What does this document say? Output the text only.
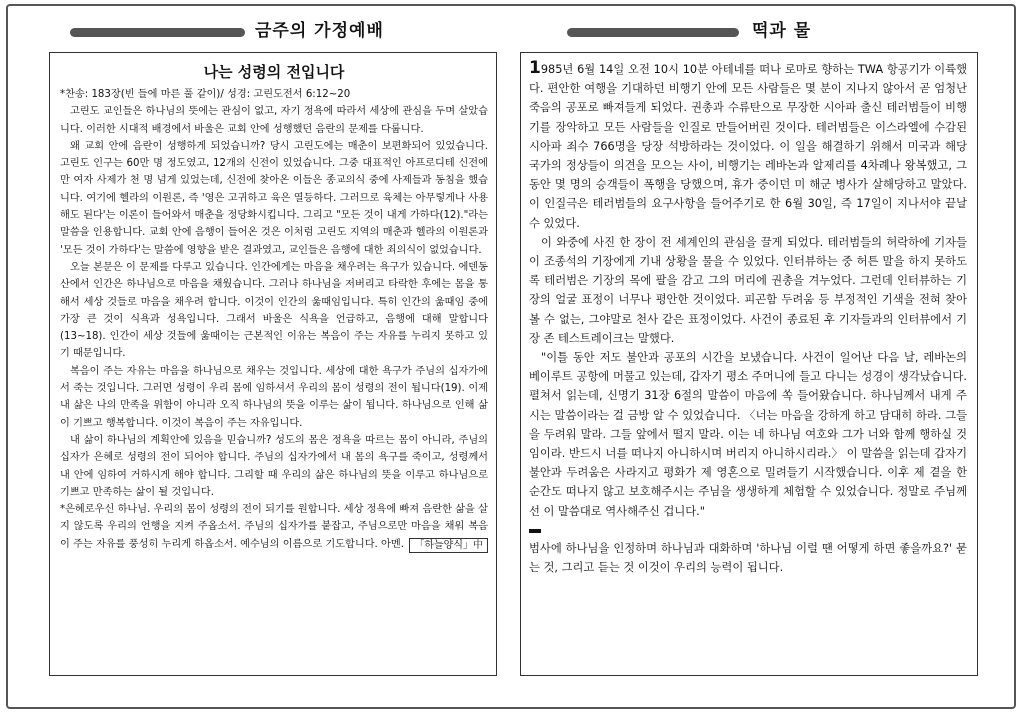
금주의 가정예배	떡과 물
나는 성령의 전입니다

*찬송: 183장(빈 들에 마른 풀 같이)/ 성경: 고린도전서 6:12~20

고린도 교인들은 하나님의 뜻에는 관심이 없고, 자기 정욕에 따라서 세상에 관심을 두며 살았습니다. 이러한 시대적 배경에서 바울은 교회 안에 성행했던 음란의 문제를 다룹니다.

왜 교회 안에 음란이 성행하게 되었습니까? 당시 고린도에는 매춘이 보편화되어 있었습니다. 고린도 인구는 60만 명 정도였고, 12개의 신전이 있었습니다. 그중 대표적인 아프로디테 신전에만 여자 사제가 천 명 넘게 있었는데, 신전에 찾아온 이들은 종교의식 중에 사제들과 동침을 했습니다. 여기에 헬라의 이원론, 즉 '영은 고귀하고 육은 열등하다. 그러므로 육체는 아무렇게나 사용해도 된다'는 이론이 들어와서 매춘을 정당화시킵니다. 그리고 "모든 것이 내게 가하다(12)."라는 말씀을 인용합니다. 교회 안에 음행이 들어온 것은 이처럼 고린도 지역의 매춘과 헬라의 이원론과 '모든 것이 가하다'는 말씀에 영향을 받은 결과였고, 교인들은 음행에 대한 죄의식이 없었습니다.

오늘 본문은 이 문제를 다루고 있습니다. 인간에게는 마음을 채우려는 욕구가 있습니다. 에덴동산에서 인간은 하나님으로 마음을 채웠습니다. 그러나 하나님을 저버리고 타락한 후에는 몸을 통해서 세상 것들로 마음을 채우려 합니다. 이것이 인간의 욺때임입니다. 특히 인간의 욺때임 중에 가장 큰 것이 식욕과 성욕입니다. 그래서 바울은 식욕을 언급하고, 음행에 대해 말합니다(13~18). 인간이 세상 것들에 욺때이는 근본적인 이유는 복음이 주는 자유를 누리지 못하고 있기 때문입니다.

복음이 주는 자유는 마음을 하나님으로 채우는 것입니다. 세상에 대한 욕구가 주님의 십자가에서 죽는 것입니다. 그러면 성령이 우리 몸에 임하셔서 우리의 몸이 성령의 전이 됩니다(19). 이제 내 삶은 나의 만족을 위함이 아니라 오직 하나님의 뜻을 이루는 삶이 됩니다. 하나님으로 인해 삶이 기쁘고 행복합니다. 이것이 복음이 주는 자유입니다.

내 삶이 하나님의 계획안에 있음을 믿습니까? 성도의 몸은 정욕을 따르는 몸이 아니라, 주님의 십자가 은혜로 성령의 전이 되어야 합니다. 주님의 십자가에서 내 몸의 욕구를 죽이고, 성령께서 내 안에 임하여 거하시게 해야 합니다. 그리할 때 우리의 삶은 하나님의 뜻을 이루고 하나님으로 기쁘고 만족하는 삶이 될 것입니다.

*은혜로우신 하나님. 우리의 몸이 성령의 전이 되기를 원합니다. 세상 정욕에 빠져 음란한 삶을 살지 않도록 우리의 언행을 지켜 주옵소서. 주님의 십자가를 붙잡고, 주님으로만 마음을 채워 복음이 주는 자유를 풍성히 누리게 하옵소서. 예수님의 이름으로 기도합니다. 아멘.	「하늘양식」中

1985년 6월 14일 오전 10시 10분 아테네를 떠나 로마로 향하는 TWA 항공기가 이륙했다. 편안한 여행을 기대하던 비행기 안에 모든 사람들은 몇 분이 지나지 않아서 곧 엄청난 죽음의 공포로 빠져들게 되었다. 권총과 수류탄으로 무장한 시아파 출신 테러범들이 비행기를 장악하고 모든 사람들을 인질로 만들어버린 것이다. 테러범들은 이스라엘에 수감된 시아파 죄수 766명을 당장 석방하라는 것이었다. 이 일을 해결하기 위해서 미국과 해당 국가의 정상들이 의견을 모으는 사이, 비행기는 레바논과 알제리를 4차례나 왕복했고, 그동안 몇 명의 승객들이 폭행을 당했으며, 휴가 중이던 미 해군 병사가 살해당하고 말았다. 이 인질극은 테러범들의 요구사항을 들어주기로 한 6월 30일, 즉 17일이 지나서야 끝날 수 있었다.

이 와중에 사진 한 장이 전 세계인의 관심을 끌게 되었다. 테러범들의 허락하에 기자들이 조종석의 기장에게 기내 상황을 물을 수 있었다. 인터뷰하는 중 허튼 말을 하지 못하도록 테러범은 기장의 목에 팔을 감고 그의 머리에 권총을 겨누었다. 그런데 인터뷰하는 기장의 얼굴 표정이 너무나 평안한 것이었다. 피곤함 두려움 등 부정적인 기색을 전혀 찾아 볼 수 없는, 그야말로 천사 같은 표정이었다. 사건이 종료된 후 기자들과의 인터뷰에서 기장 존 테스트레이크는 말했다.

"이틀 동안 저도 불안과 공포의 시간을 보냈습니다. 사건이 일어난 다음 날, 레바논의 베이루트 공항에 머물고 있는데, 갑자기 평소 주머니에 들고 다니는 성경이 생각났습니다. 펼쳐서 읽는데, 신명기 31장 6절의 말씀이 마음에 쏙 들어왔습니다. 하나님께서 내게 주시는 말씀이라는 걸 금방 알 수 있었습니다. 〈너는 마음을 강하게 하고 담대히 하라. 그들을 두려워 말라. 그들 앞에서 떨지 말라. 이는 네 하나님 여호와 그가 너와 함께 행하실 것임이라. 반드시 너를 떠나지 아니하시며 버리지 아니하시리라.〉 이 말씀을 읽는데 갑자기 불안과 두려움은 사라지고 평화가 제 영혼으로 밀려들기 시작했습니다. 이후 제 곁을 한 순간도 떠나지 않고 보호해주시는 주님을 생생하게 체험할 수 있었습니다. 정말로 주님께선 이 말씀대로 역사해주신 겁니다."

범사에 하나님을 인정하며 하나님과 대화하며 '하나님 이럴 땐 어떻게 하면 좋을까요?' 묻는 것, 그리고 듣는 것 이것이 우리의 능력이 됩니다.
